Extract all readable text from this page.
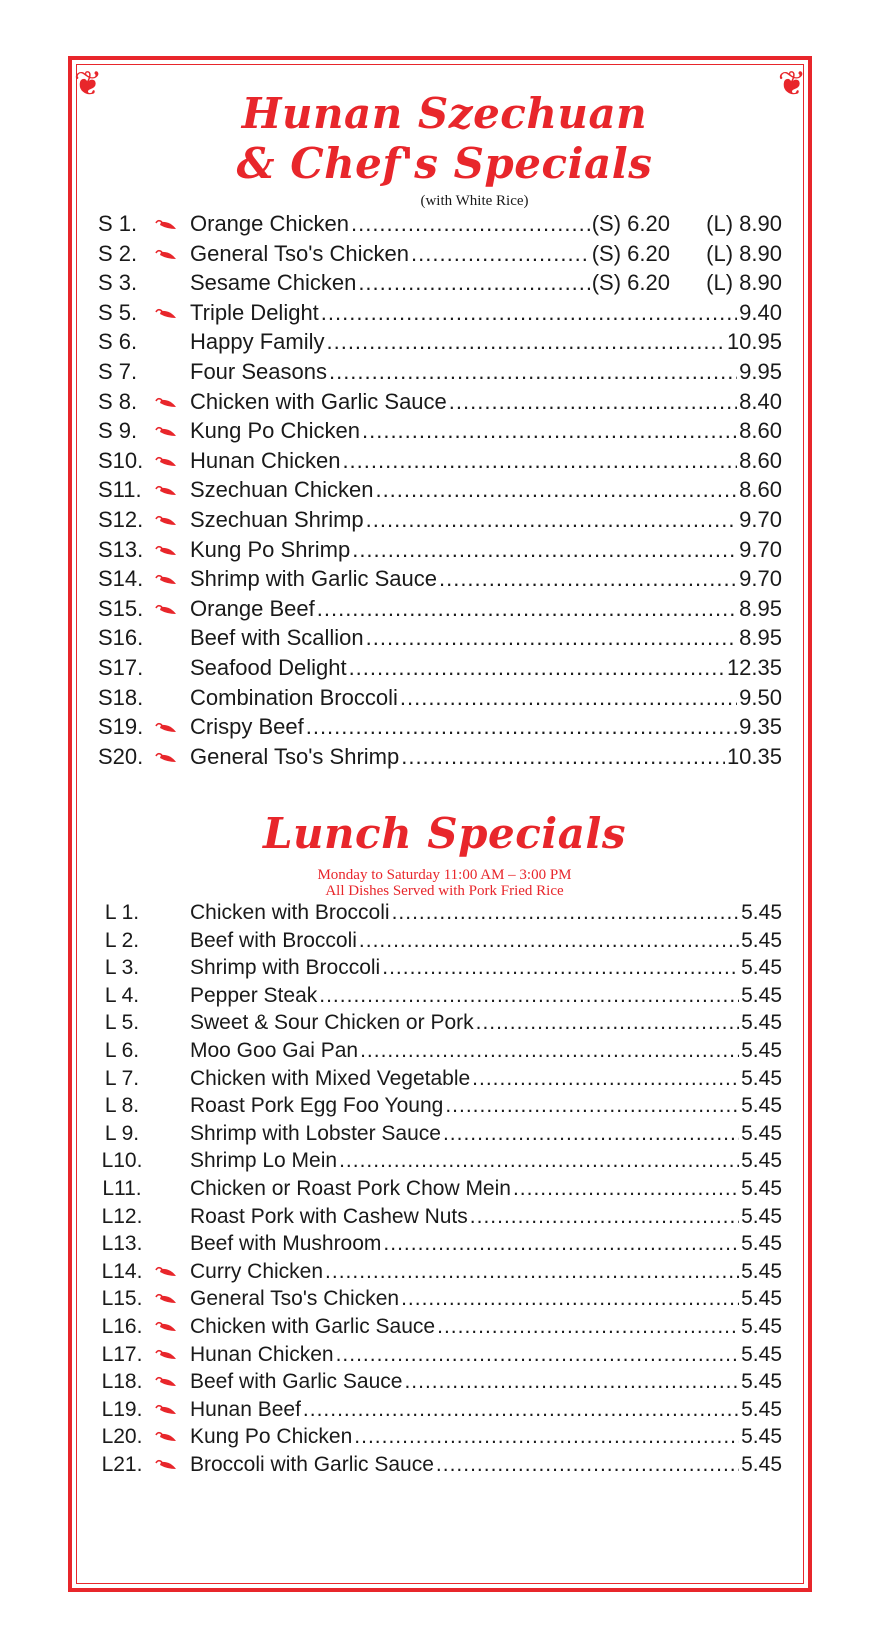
❦	❦
Hunan Szechuan
& Chef's Specials
(with White Rice)
S 1.	Orange Chicken .....	(S) 6.20	(L) 8.90
S 2.	General Tso's Chicken .....	(S) 6.20	(L) 8.90
S 3.	Sesame Chicken .....	(S) 6.20	(L) 8.90
S 5.	Triple Delight .....	9.40
S 6.	Happy Family .....	10.95
S 7.	Four Seasons .....	9.95
S 8.	Chicken with Garlic Sauce .....	8.40
S 9.	Kung Po Chicken .....	8.60
S10.	Hunan Chicken .....	8.60
S11.	Szechuan Chicken .....	8.60
S12.	Szechuan Shrimp .....	9.70
S13.	Kung Po Shrimp .....	9.70
S14.	Shrimp with Garlic Sauce .....	9.70
S15.	Orange Beef .....	8.95
S16.	Beef with Scallion .....	8.95
S17.	Seafood Delight .....	12.35
S18.	Combination Broccoli .....	9.50
S19.	Crispy Beef .....	9.35
S20.	General Tso's Shrimp .....	10.35
Lunch Specials
Monday to Saturday 11:00 AM – 3:00 PM
All Dishes Served with Pork Fried Rice
L 1.	Chicken with Broccoli .....	5.45
L 2.	Beef with Broccoli .....	5.45
L 3.	Shrimp with Broccoli .....	5.45
L 4.	Pepper Steak .....	5.45
L 5.	Sweet & Sour Chicken or Pork .....	5.45
L 6.	Moo Goo Gai Pan .....	5.45
L 7.	Chicken with Mixed Vegetable .....	5.45
L 8.	Roast Pork Egg Foo Young .....	5.45
L 9.	Shrimp with Lobster Sauce .....	5.45
L10.	Shrimp Lo Mein .....	5.45
L11.	Chicken or Roast Pork Chow Mein .....	5.45
L12.	Roast Pork with Cashew Nuts .....	5.45
L13.	Beef with Mushroom .....	5.45
L14.	Curry Chicken .....	5.45
L15.	General Tso's Chicken .....	5.45
L16.	Chicken with Garlic Sauce .....	5.45
L17.	Hunan Chicken .....	5.45
L18.	Beef with Garlic Sauce .....	5.45
L19.	Hunan Beef .....	5.45
L20.	Kung Po Chicken .....	5.45
L21.	Broccoli with Garlic Sauce .....	5.45
